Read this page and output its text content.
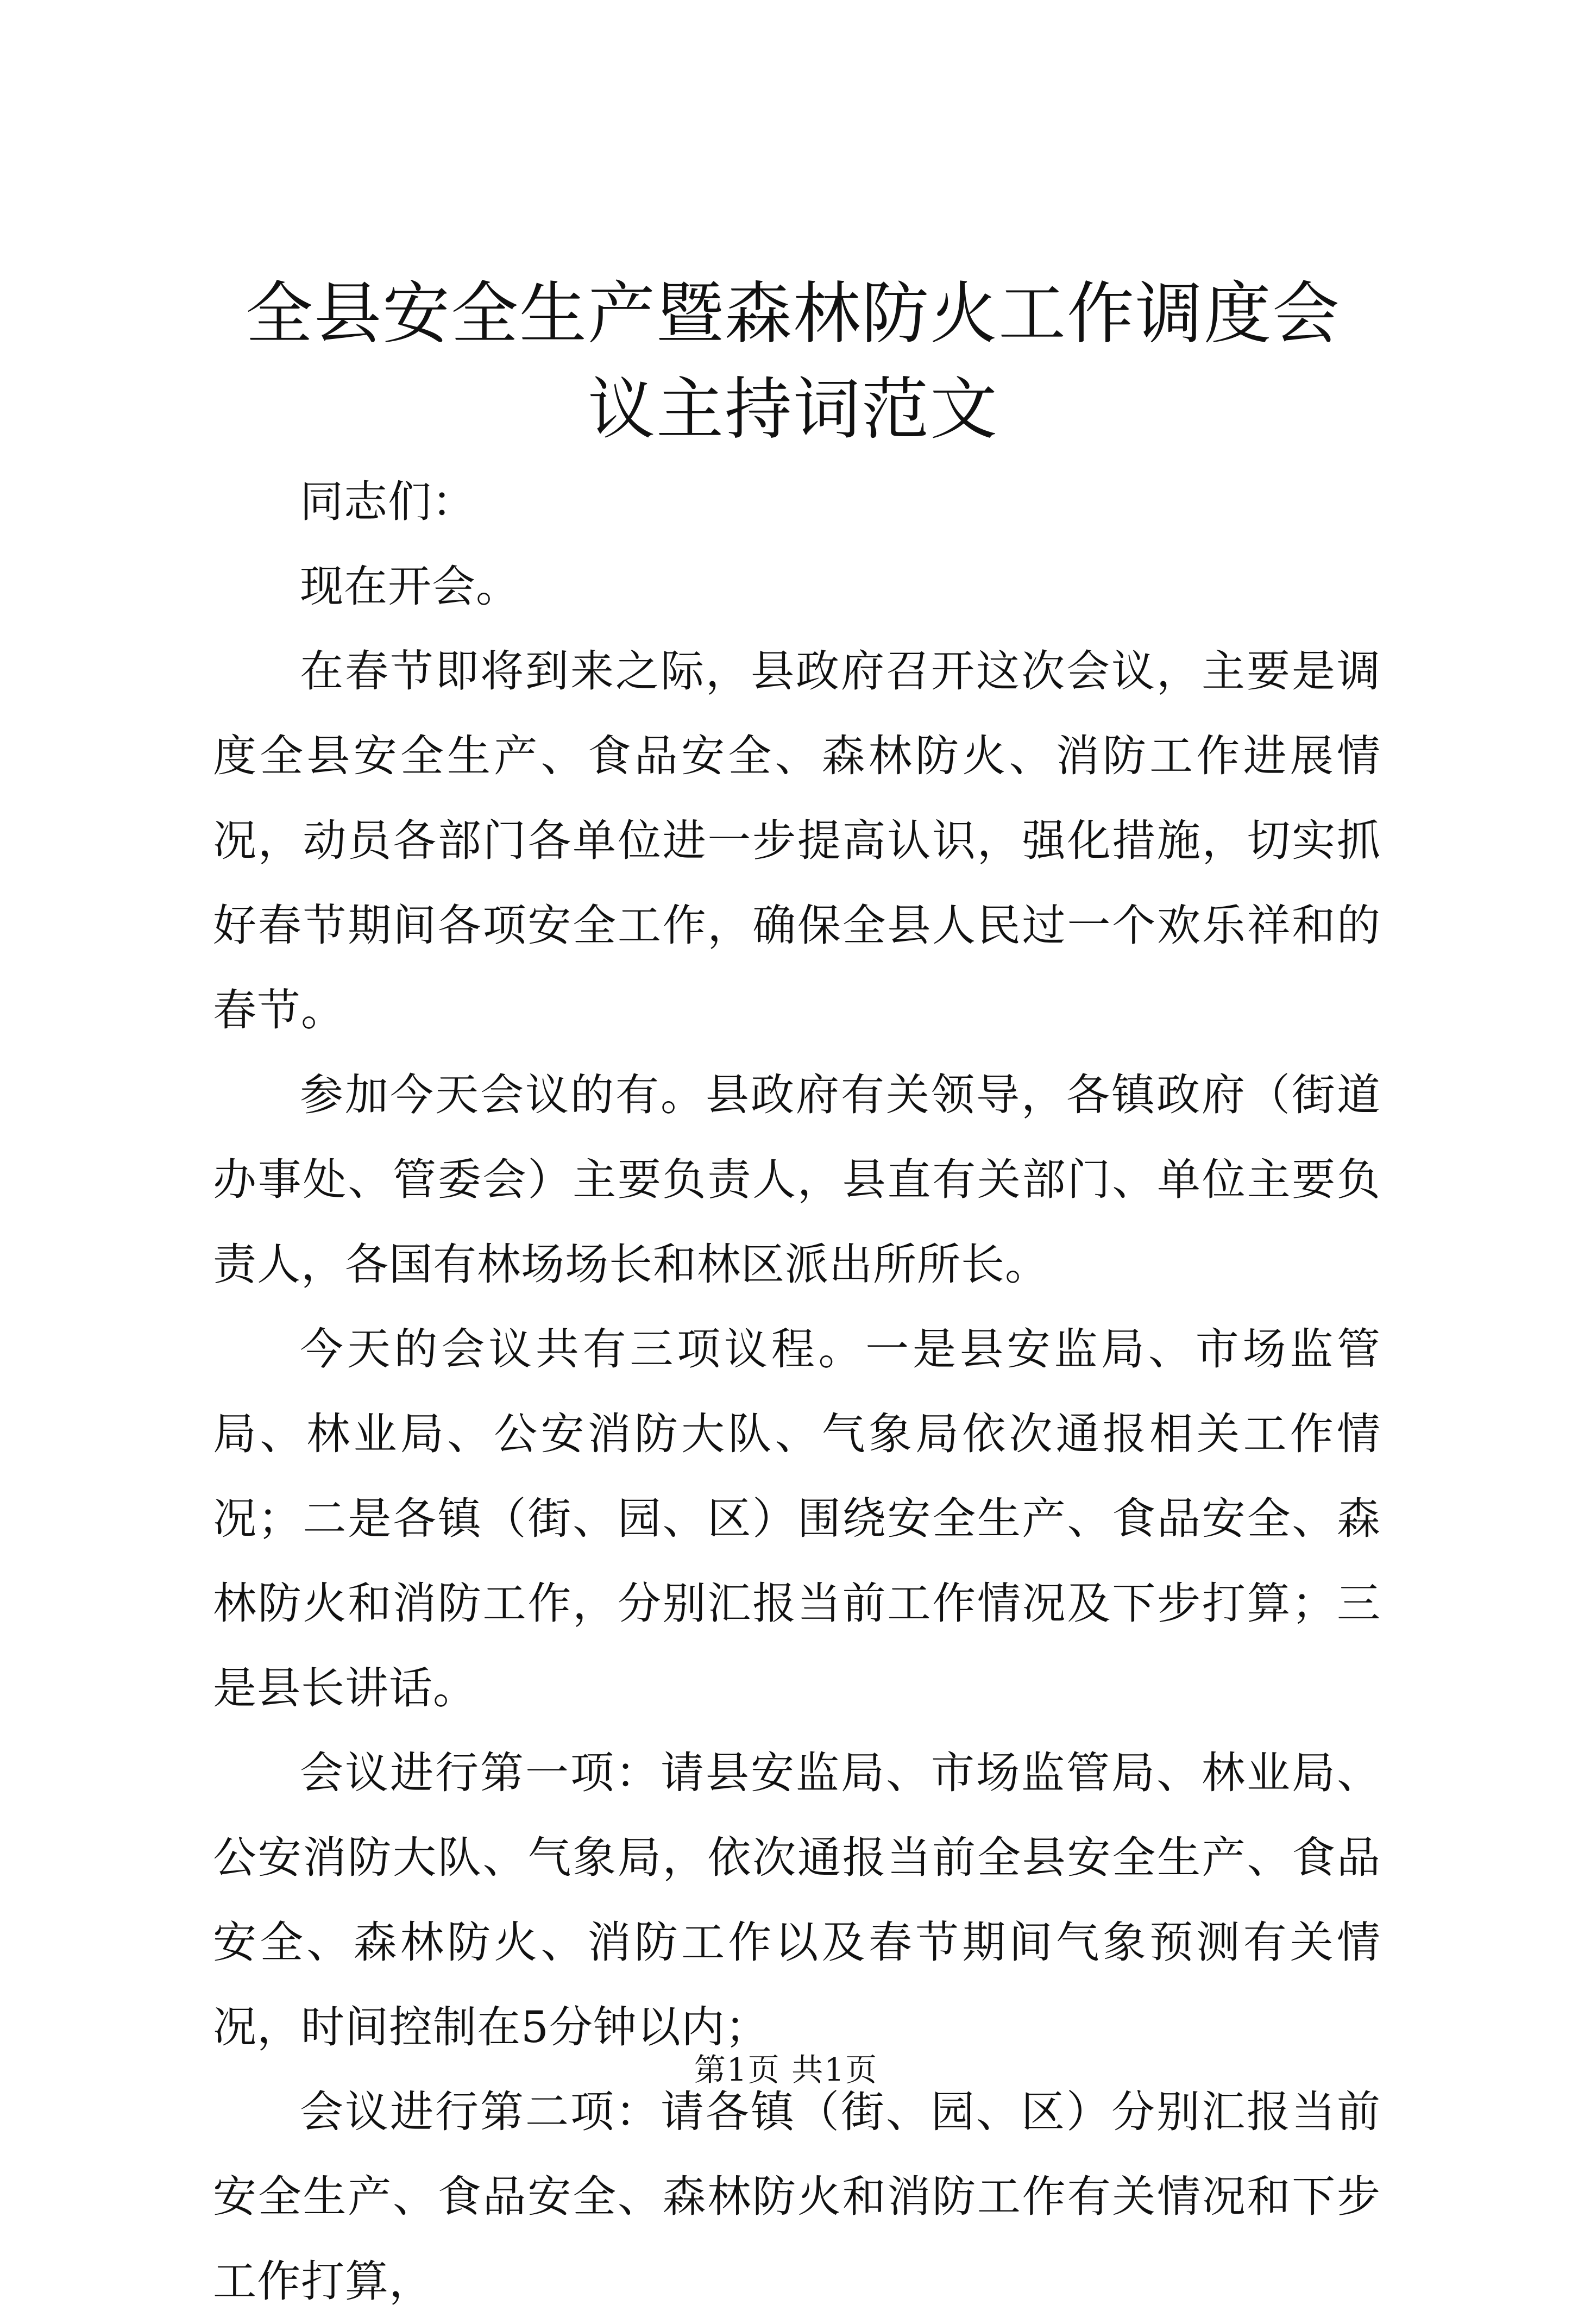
全县安全生产暨森林防火工作调度会议主持词范文

同志们：

现在开会。

在春节即将到来之际，县政府召开这次会议，主要是调度全县安全生产、食品安全、森林防火、消防工作进展情况，动员各部门各单位进一步提高认识，强化措施，切实抓好春节期间各项安全工作，确保全县人民过一个欢乐祥和的春节。

参加今天会议的有。县政府有关领导，各镇政府（街道办事处、管委会）主要负责人，县直有关部门、单位主要负责人，各国有林场场长和林区派出所所长。

今天的会议共有三项议程。一是县安监局、市场监管局、林业局、公安消防大队、气象局依次通报相关工作情况；二是各镇（街、园、区）围绕安全生产、食品安全、森林防火和消防工作，分别汇报当前工作情况及下步打算；三是县长讲话。

会议进行第一项：请县安监局、市场监管局、林业局、公安消防大队、气象局，依次通报当前全县安全生产、食品安全、森林防火、消防工作以及春节期间气象预测有关情况，时间控制在5分钟以内；

会议进行第二项：请各镇（街、园、区）分别汇报当前安全生产、食品安全、森林防火和消防工作有关情况和下步工作打算，

第1页 共1页
